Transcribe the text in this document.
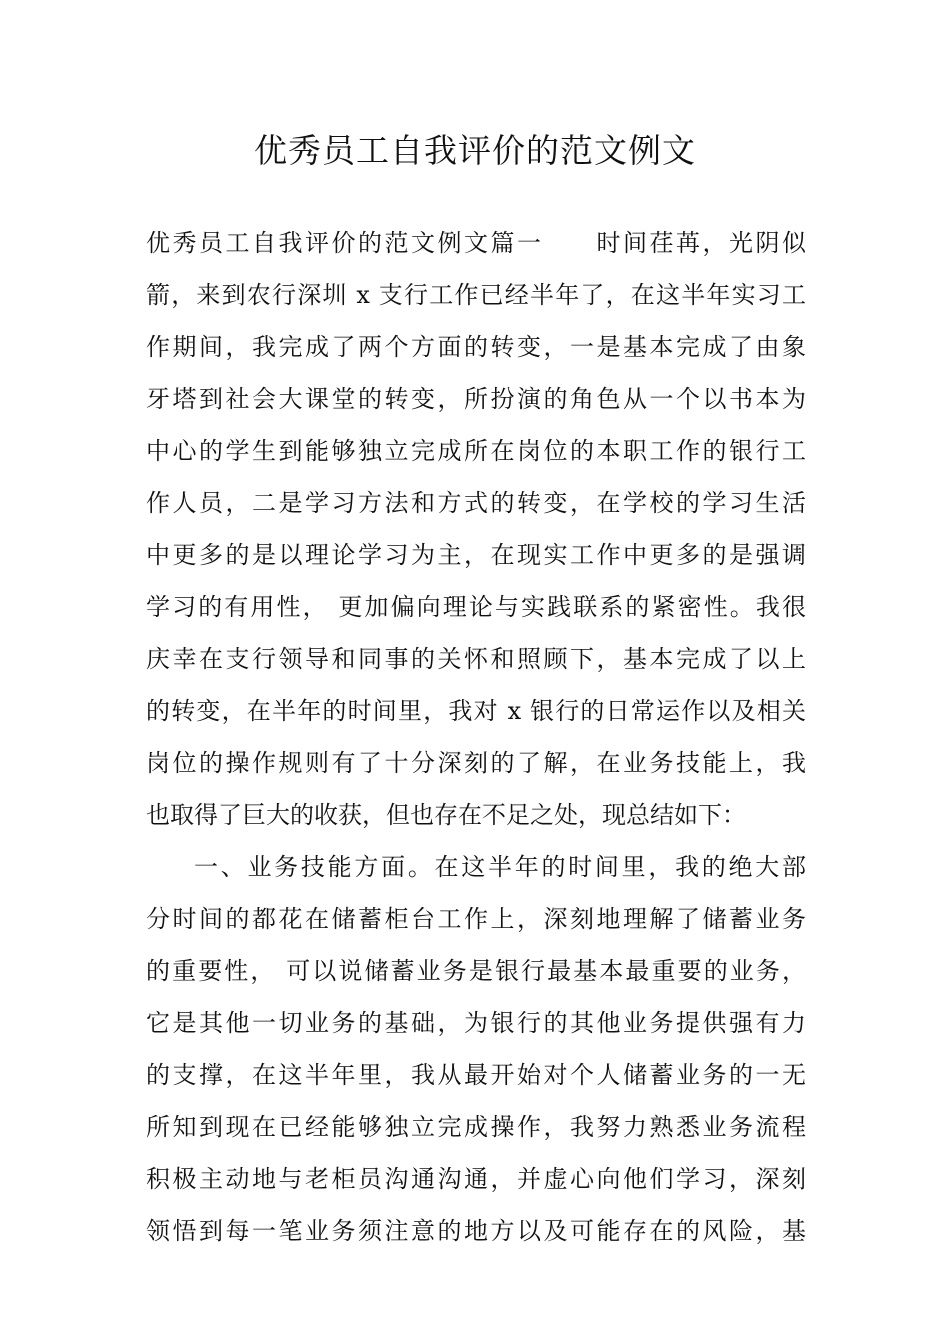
优秀员工自我评价的范文例文
优秀员工自我评价的范文例文篇一　　时间荏苒，光阴似
箭，来到农行深圳 x 支行工作已经半年了，在这半年实习工
作期间，我完成了两个方面的转变，一是基本完成了由象
牙塔到社会大课堂的转变，所扮演的角色从一个以书本为
中心的学生到能够独立完成所在岗位的本职工作的银行工
作人员，二是学习方法和方式的转变，在学校的学习生活
中更多的是以理论学习为主，在现实工作中更多的是强调
学习的有用性， 更加偏向理论与实践联系的紧密性。我很
庆幸在支行领导和同事的关怀和照顾下，基本完成了以上
的转变，在半年的时间里，我对 x 银行的日常运作以及相关
岗位的操作规则有了十分深刻的了解，在业务技能上，我
也取得了巨大的收获，但也存在不足之处，现总结如下：
一、业务技能方面。在这半年的时间里，我的绝大部
分时间的都花在储蓄柜台工作上，深刻地理解了储蓄业务
的重要性， 可以说储蓄业务是银行最基本最重要的业务，
它是其他一切业务的基础，为银行的其他业务提供强有力
的支撑，在这半年里，我从最开始对个人储蓄业务的一无
所知到现在已经能够独立完成操作，我努力熟悉业务流程
积极主动地与老柜员沟通沟通，并虚心向他们学习，深刻
领悟到每一笔业务须注意的地方以及可能存在的风险，基
